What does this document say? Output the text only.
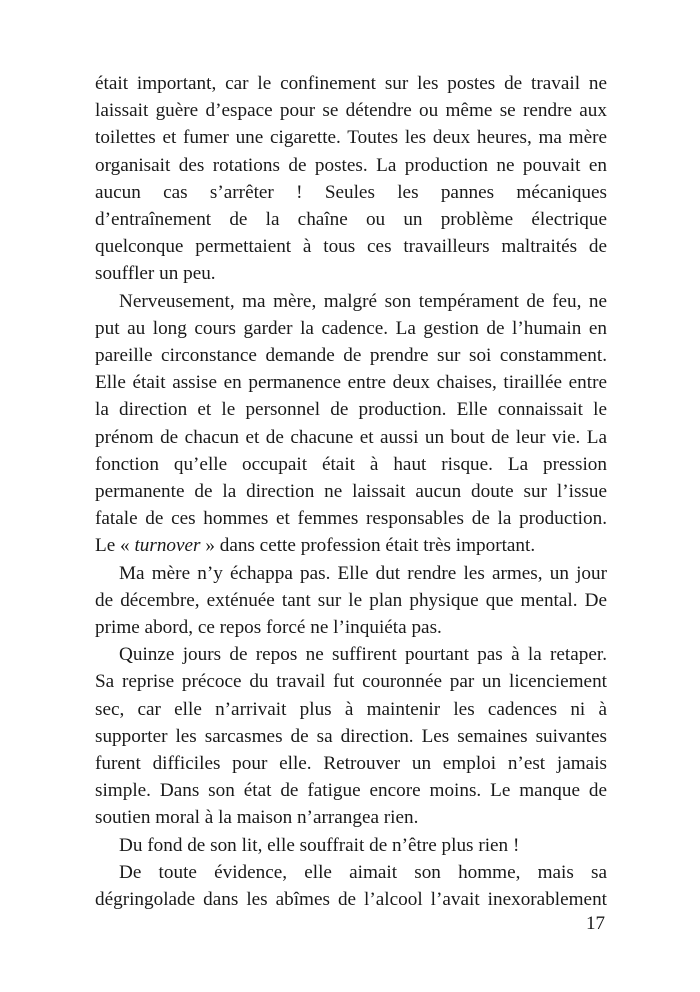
était important, car le confinement sur les postes de travail ne
laissait guère d’espace pour se détendre ou même se rendre aux
toilettes et fumer une cigarette. Toutes les deux heures, ma mère
organisait des rotations de postes. La production ne pouvait en
aucun cas s’arrêter ! Seules les pannes mécaniques
d’entraînement de la chaîne ou un problème électrique
quelconque permettaient à tous ces travailleurs maltraités de
souffler un peu.

Nerveusement, ma mère, malgré son tempérament de feu, ne
put au long cours garder la cadence. La gestion de l’humain en
pareille circonstance demande de prendre sur soi constamment.
Elle était assise en permanence entre deux chaises, tiraillée entre
la direction et le personnel de production. Elle connaissait le
prénom de chacun et de chacune et aussi un bout de leur vie. La
fonction qu’elle occupait était à haut risque. La pression
permanente de la direction ne laissait aucun doute sur l’issue
fatale de ces hommes et femmes responsables de la production.
Le « turnover » dans cette profession était très important.

Ma mère n’y échappa pas. Elle dut rendre les armes, un jour
de décembre, exténuée tant sur le plan physique que mental. De
prime abord, ce repos forcé ne l’inquiéta pas.

Quinze jours de repos ne suffirent pourtant pas à la retaper.
Sa reprise précoce du travail fut couronnée par un licenciement
sec, car elle n’arrivait plus à maintenir les cadences ni à
supporter les sarcasmes de sa direction. Les semaines suivantes
furent difficiles pour elle. Retrouver un emploi n’est jamais
simple. Dans son état de fatigue encore moins. Le manque de
soutien moral à la maison n’arrangea rien.

Du fond de son lit, elle souffrait de n’être plus rien !

De toute évidence, elle aimait son homme, mais sa
dégringolade dans les abîmes de l’alcool l’avait inexorablement

17
